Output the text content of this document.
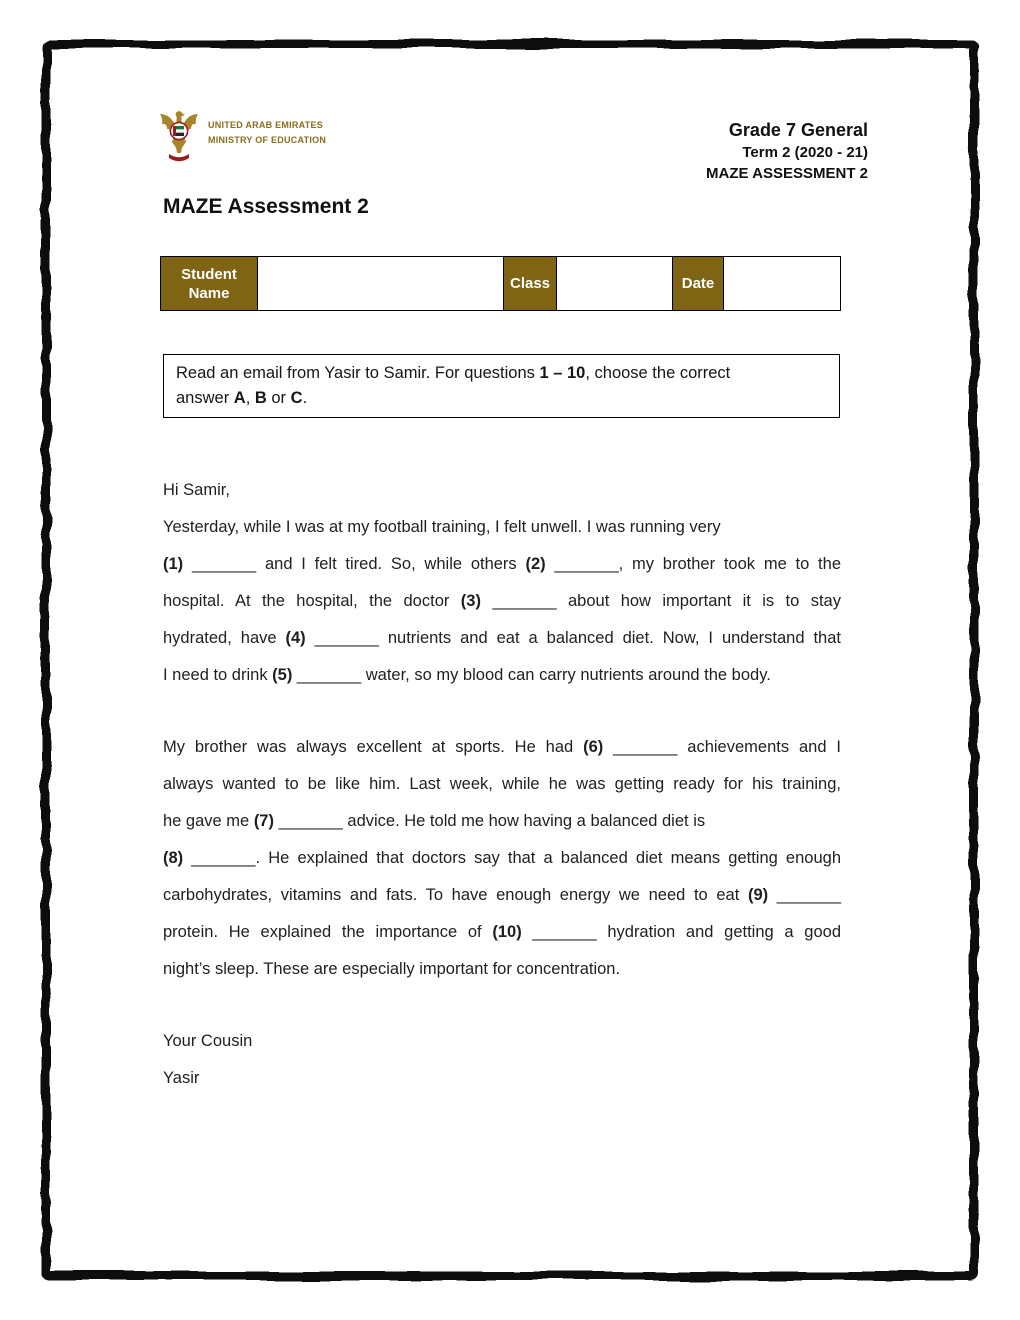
UNITED ARAB EMIRATES
MINISTRY OF EDUCATION	Grade 7 General
Term 2 (2020 - 21)
MAZE ASSESSMENT 2
MAZE Assessment 2
Student Name
Class	Date

Read an email from Yasir to Samir. For questions 1 – 10, choose the correct answer A, B or C.

Hi Samir,
Yesterday, while I was at my football training, I felt unwell. I was running very
(1) _______ and I felt tired. So, while others (2) _______, my brother took me to the
hospital. At the hospital, the doctor (3) _______ about how important it is to stay
hydrated, have (4) _______ nutrients and eat a balanced diet. Now, I understand that
I need to drink (5) _______ water, so my blood can carry nutrients around the body.
My brother was always excellent at sports. He had (6) _______ achievements and I
always wanted to be like him. Last week, while he was getting ready for his training,
he gave me (7) _______ advice. He told me how having a balanced diet is
(8) _______. He explained that doctors say that a balanced diet means getting enough
carbohydrates, vitamins and fats. To have enough energy we need to eat (9) _______
protein. He explained the importance of (10) _______ hydration and getting a good
night’s sleep. These are especially important for concentration.
Your Cousin
Yasir
